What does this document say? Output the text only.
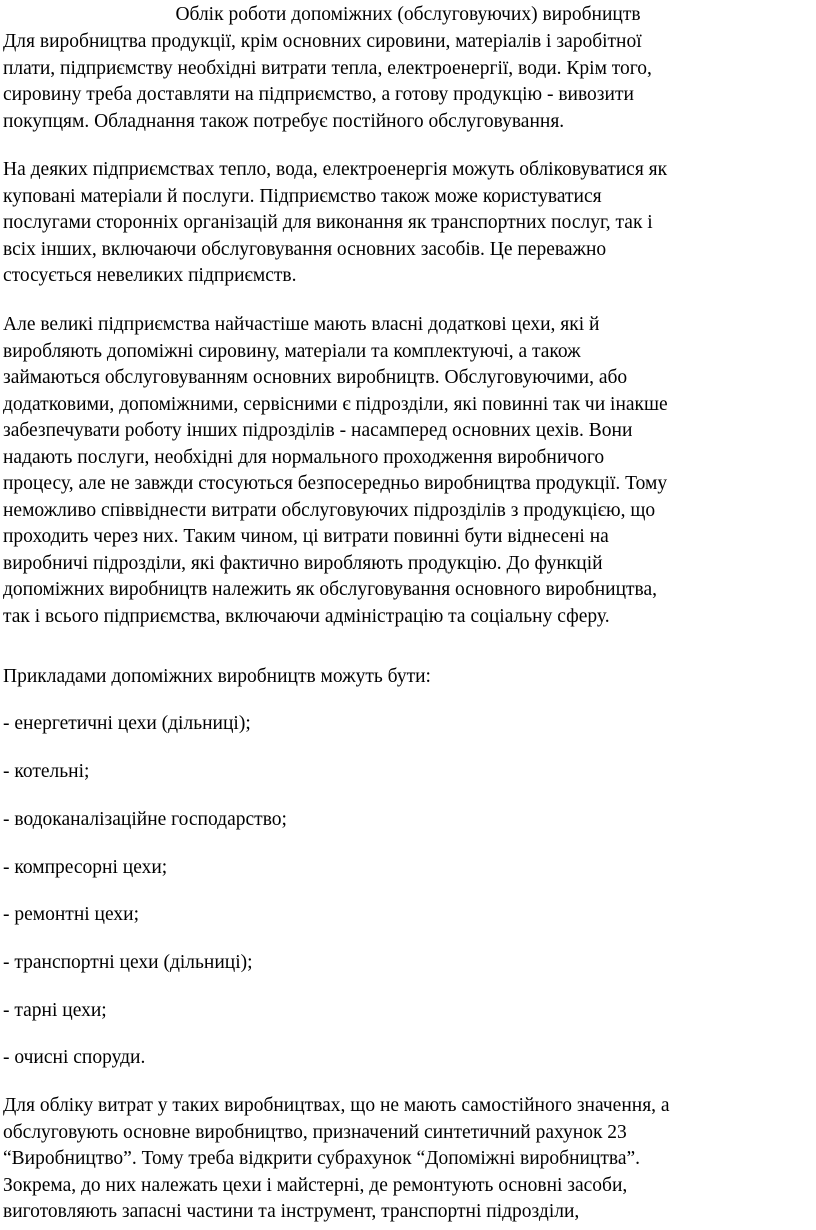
Облік роботи допоміжних (обслуговуючих) виробництв
Для виробництва продукції, крім основних сировини, матеріалів і заробітної
плати, підприємству необхідні витрати тепла, електроенергії, води. Крім того,
сировину треба доставляти на підприємство, а готову продукцію - вивозити
покупцям. Обладнання також потребує постійного обслуговування.
На деяких підприємствах тепло, вода, електроенергія можуть обліковуватися як
куповані матеріали й послуги. Підприємство також може користуватися
послугами сторонніх організацій для виконання як транспортних послуг, так і
всіх інших, включаючи обслуговування основних засобів. Це переважно
стосується невеликих підприємств.
Але великі підприємства найчастіше мають власні додаткові цехи, які й
виробляють допоміжні сировину, матеріали та комплектуючі, а також
займаються обслуговуванням основних виробництв. Обслуговуючими, або
додатковими, допоміжними, сервісними є підрозділи, які повинні так чи інакше
забезпечувати роботу інших підрозділів - насамперед основних цехів. Вони
надають послуги, необхідні для нормального проходження виробничого
процесу, але не завжди стосуються безпосередньо виробництва продукції. Тому
неможливо співвіднести витрати обслуговуючих підрозділів з продукцією, що
проходить через них. Таким чином, ці витрати повинні бути віднесені на
виробничі підрозділи, які фактично виробляють продукцію. До функцій
допоміжних виробництв належить як обслуговування основного виробництва,
так і всього підприємства, включаючи адміністрацію та соціальну сферу.
Прикладами допоміжних виробництв можуть бути:
- енергетичні цехи (дільниці);
- котельні;
- водоканалізаційне господарство;
- компресорні цехи;
- ремонтні цехи;
- транспортні цехи (дільниці);
- тарні цехи;
- очисні споруди.
Для обліку витрат у таких виробництвах, що не мають самостійного значення, а
обслуговують основне виробництво, призначений синтетичний рахунок 23
“Виробництво”. Тому треба відкрити субрахунок “Допоміжні виробництва”.
Зокрема, до них належать цехи і майстерні, де ремонтують основні засоби,
виготовляють запасні частини та інструмент, транспортні підрозділи,
